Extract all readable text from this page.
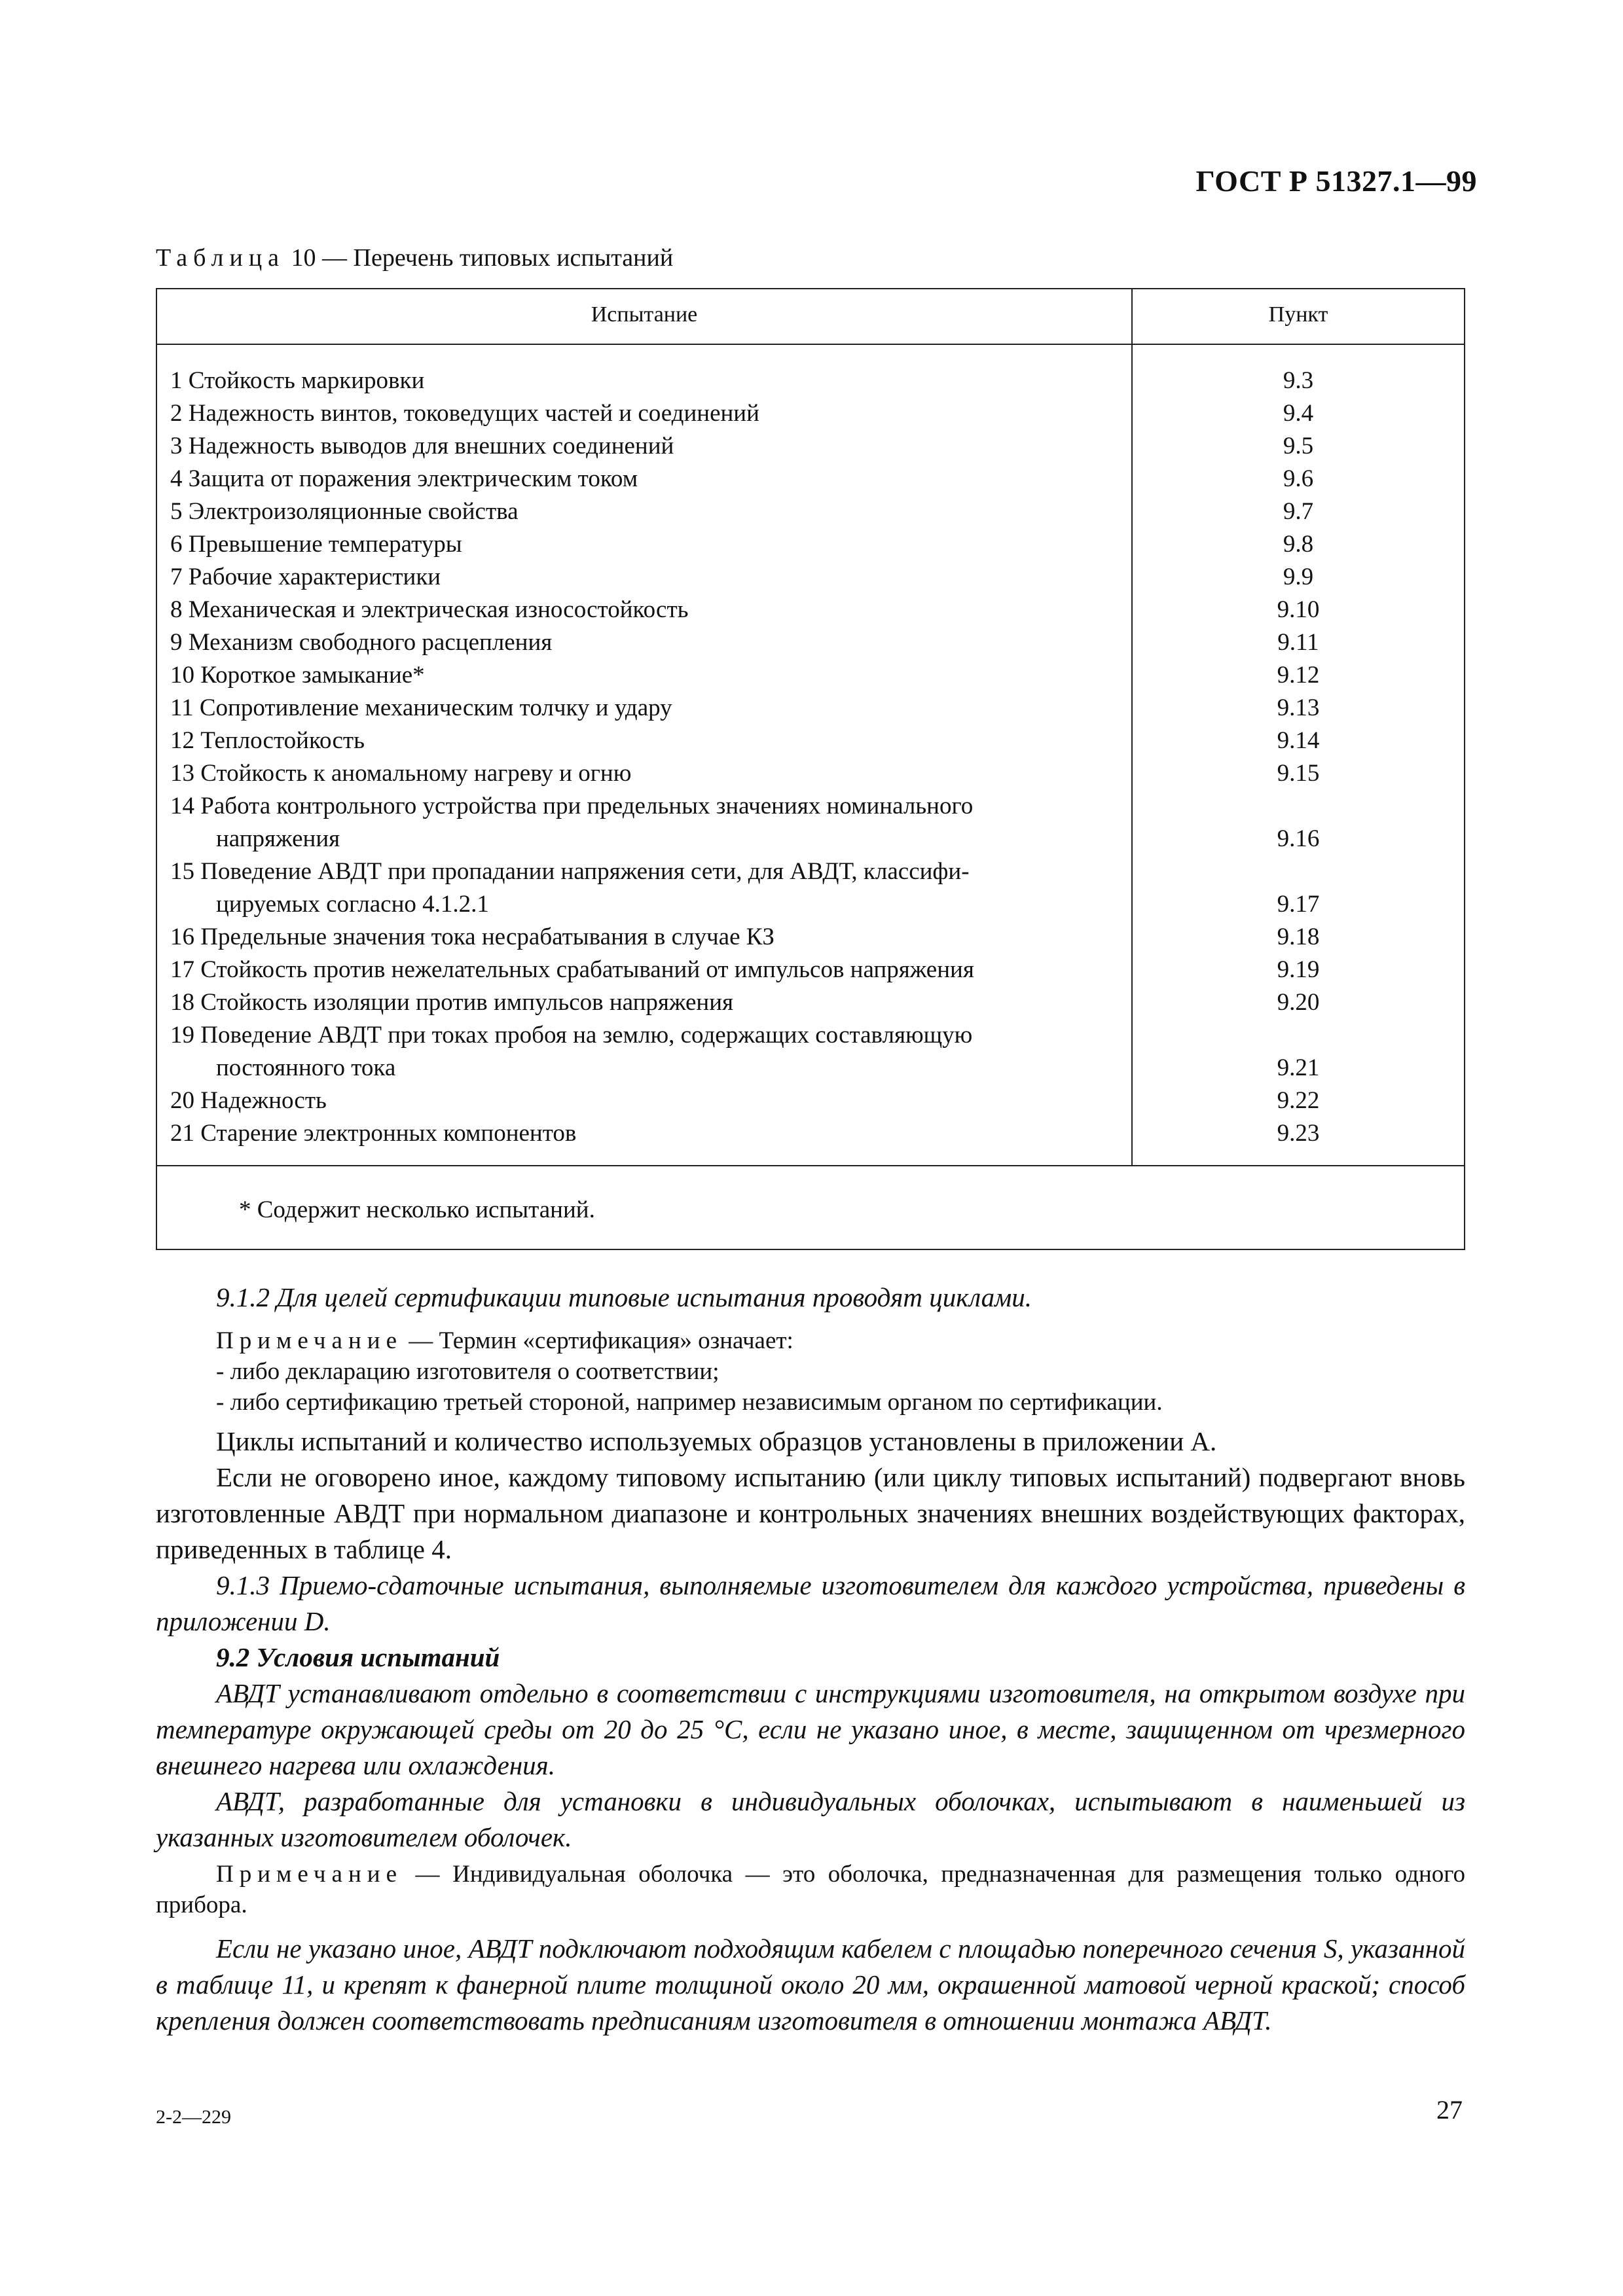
ГОСТ Р 51327.1—99
Таблица 10 — Перечень типовых испытаний
Испытание	Пункт
1 Стойкость маркировки
2 Надежность винтов, токоведущих частей и соединений
3 Надежность выводов для внешних соединений
4 Защита от поражения электрическим током
5 Электроизоляционные свойства
6 Превышение температуры
7 Рабочие характеристики
8 Механическая и электрическая износостойкость
9 Механизм свободного расцепления
10 Короткое замыкание*
11 Сопротивление механическим толчку и удару
12 Теплостойкость
13 Стойкость к аномальному нагреву и огню
14 Работа контрольного устройства при предельных значениях номинального
напряжения
15 Поведение АВДТ при пропадании напряжения сети, для АВДТ, классифи-
цируемых согласно 4.1.2.1
16 Предельные значения тока несрабатывания в случае КЗ
17 Стойкость против нежелательных срабатываний от импульсов напряжения
18 Стойкость изоляции против импульсов напряжения
19 Поведение АВДТ при токах пробоя на землю, содержащих составляющую
постоянного тока
20 Надежность
21 Старение электронных компонентов
9.3
9.4
9.5
9.6
9.7
9.8
9.9
9.10
9.11
9.12
9.13
9.14
9.15
9.16
9.17
9.18
9.19
9.20
9.21
9.22
9.23
* Содержит несколько испытаний.
9.1.2 Для целей сертификации типовые испытания проводят циклами.
Примечание — Термин «сертификация» означает:
- либо декларацию изготовителя о соответствии;
- либо сертификацию третьей стороной, например независимым органом по сертификации.
Циклы испытаний и количество используемых образцов установлены в приложении А.
Если не оговорено иное, каждому типовому испытанию (или циклу типовых испытаний) подвергают вновь изготовленные АВДТ при нормальном диапазоне и контрольных значениях внешних воздействующих факторах, приведенных в таблице 4.
9.1.3 Приемо-сдаточные испытания, выполняемые изготовителем для каждого устройства, приведены в приложении D.
9.2 Условия испытаний
АВДТ устанавливают отдельно в соответствии с инструкциями изготовителя, на открытом воздухе при температуре окружающей среды от 20 до 25 °С, если не указано иное, в месте, защищенном от чрезмерного внешнего нагрева или охлаждения.
АВДТ, разработанные для установки в индивидуальных оболочках, испытывают в наименьшей из указанных изготовителем оболочек.
Примечание — Индивидуальная оболочка — это оболочка, предназначенная для размещения только одного прибора.
Если не указано иное, АВДТ подключают подходящим кабелем с площадью поперечного сечения S, указанной в таблице 11, и крепят к фанерной плите толщиной около 20 мм, окрашенной матовой черной краской; способ крепления должен соответствовать предписаниям изготовителя в отношении монтажа АВДТ.
2-2—229	27
